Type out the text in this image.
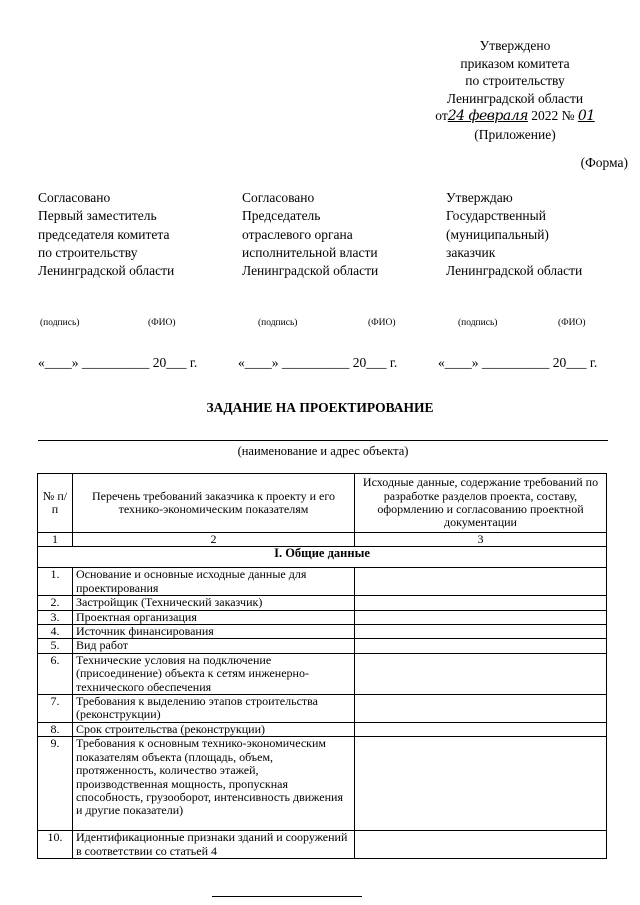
Утверждено
приказом комитета
по строительству
Ленинградской области
от24 февраля 2022 № 01
(Приложение)
(Форма)
Согласовано
Первый заместитель
председателя комитета
по строительству
Ленинградской области
Согласовано
Председатель
отраслевого органа
исполнительной власти
Ленинградской области
Утверждаю
Государственный
(муниципальный)
заказчик
Ленинградской области
(подпись)	(ФИО)	(подпись)	(ФИО)	(подпись)	(ФИО)
«____» __________ 20___ г.	«____» __________ 20___ г.	«____» __________ 20___ г.
ЗАДАНИЕ НА ПРОЕКТИРОВАНИЕ
(наименование и адрес объекта)
№ п/п	Перечень требований заказчика к проекту и его технико-экономическим показателям	Исходные данные, содержание требований по разработке разделов проекта, составу, оформлению и согласованию проектной документации
1	2	3
I. Общие данные		
1.	Основание и основные исходные данные для проектирования	
2.	Застройщик (Технический заказчик)	
3.	Проектная организация	
4.	Источник финансирования	
5.	Вид работ	
6.	Технические условия на подключение (присоединение) объекта к сетям инженерно-технического обеспечения	
7.	Требования к выделению этапов строительства (реконструкции)	
8.	Срок строительства (реконструкции)	
9.	Требования к основным технико-экономическим показателям объекта (площадь, объем, протяженность, количество этажей, производственная мощность, пропускная способность, грузооборот, интенсивность движения и другие показатели)	
10.	Идентификационные признаки зданий и сооружений в соответствии со статьей 4	
